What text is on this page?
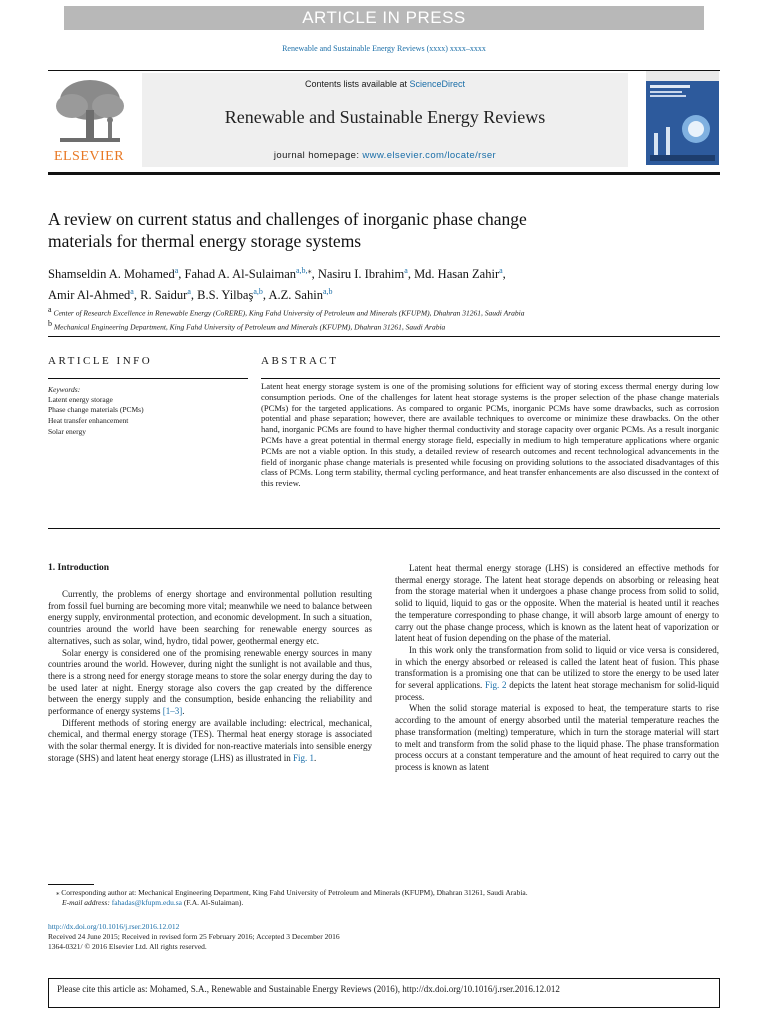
ARTICLE IN PRESS
Renewable and Sustainable Energy Reviews (xxxx) xxxx–xxxx
ELSEVIER
Contents lists available at ScienceDirect
Renewable and Sustainable Energy Reviews
journal homepage: www.elsevier.com/locate/rser
A review on current status and challenges of inorganic phase change
materials for thermal energy storage systems
Shamseldin A. Mohamed$^a$, Fahad A. Al-Sulaiman$^{a,b,⁎}$, Nasiru I. Ibrahim$^a$, Md. Hasan Zahir$^a$,
Amir Al-Ahmed$^a$, R. Saidur$^a$, B.S. Yilbaş$^{a,b}$, A.Z. Sahin$^{a,b}$
$^a$ Center of Research Excellence in Renewable Energy (CoRERE), King Fahd University of Petroleum and Minerals (KFUPM), Dhahran 31261, Saudi Arabia
$^b$ Mechanical Engineering Department, King Fahd University of Petroleum and Minerals (KFUPM), Dhahran 31261, Saudi Arabia
ARTICLE INFO
Keywords:
Latent energy storage
Phase change materials (PCMs)
Heat transfer enhancement
Solar energy
ABSTRACT
Latent heat energy storage system is one of the promising solutions for efficient way of storing excess thermal energy during low consumption periods. One of the challenges for latent heat storage systems is the proper selection of the phase change materials (PCMs) for the targeted applications. As compared to organic PCMs, inorganic PCMs have some drawbacks, such as corrosion potential and phase separation; however, there are available techniques to overcome or minimize these drawbacks. On the other hand, inorganic PCMs are found to have higher thermal conductivity and storage capacity over organic PCMs. As a result inorganic PCMs have a great potential in thermal energy storage field, especially in medium to high temperature applications where organic PCMs are not a viable option. In this study, a detailed review of research outcomes and recent technological advancements in the field of inorganic phase change materials is presented while focusing on providing solutions to the associated disadvantages of this class of PCMs. Long term stability, thermal cycling performance, and heat transfer enhancements are also discussed in the context of this review.
1. Introduction

Currently, the problems of energy shortage and environmental pollution resulting from fossil fuel burning are becoming more vital; meanwhile we need to balance between energy supply, environmental protection, and economic development. In such a situation, countries around the world have been searching for renewable energy sources as alternatives, such as solar, wind, hydro, tidal power, geothermal energy etc.

Solar energy is considered one of the promising renewable energy sources in many countries around the world. However, during night the sunlight is not available and thus, there is a strong need for energy storage means to store the solar energy during the day to be used later at night. Energy storage also covers the gap created by the difference between the energy supply and the consumption, beside enhancing the reliability and performance of energy systems [1–3].

Different methods of storing energy are available including: electrical, mechanical, chemical, and thermal energy storage (TES). Thermal heat energy storage is associated with the solar thermal energy. It is divided for non-reactive materials into sensible energy storage (SHS) and latent heat energy storage (LHS) as illustrated in Fig. 1.

Latent heat thermal energy storage (LHS) is considered an effective methods for thermal energy storage. The latent heat storage depends on absorbing or releasing heat from the storage material when it undergoes a phase change process from solid to solid, solid to liquid, liquid to gas or the opposite. When the material is heated until it reaches the temperature corresponding to phase change, it will absorb large amount of energy to carry out the phase change process, which is known as the latent heat of vaporization or latent heat of fusion depending on the phase of the material.

In this work only the transformation from solid to liquid or vice versa is considered, in which the energy absorbed or released is called the latent heat of fusion. This phase transformation is a promising one that can be utilized to store the energy to be used later for several applications. Fig. 2 depicts the latent heat storage mechanism for solid-liquid process.

When the solid storage material is exposed to heat, the temperature starts to rise according to the amount of energy absorbed until the material temperature reaches the phase transformation (melting) temperature, which in turn the storage material will start to melt and transform from the solid phase to the liquid phase. The phase transformation process occurs at a constant temperature and the amount of heat required to carry out the process is known as latent

⁎ Corresponding author at: Mechanical Engineering Department, King Fahd University of Petroleum and Minerals (KFUPM), Dhahran 31261, Saudi Arabia.
E-mail address: fahadas@kfupm.edu.sa (F.A. Al-Sulaiman).
http://dx.doi.org/10.1016/j.rser.2016.12.012
Received 24 June 2015; Received in revised form 25 February 2016; Accepted 3 December 2016
1364-0321/ © 2016 Elsevier Ltd. All rights reserved.
Please cite this article as: Mohamed, S.A., Renewable and Sustainable Energy Reviews (2016), http://dx.doi.org/10.1016/j.rser.2016.12.012
